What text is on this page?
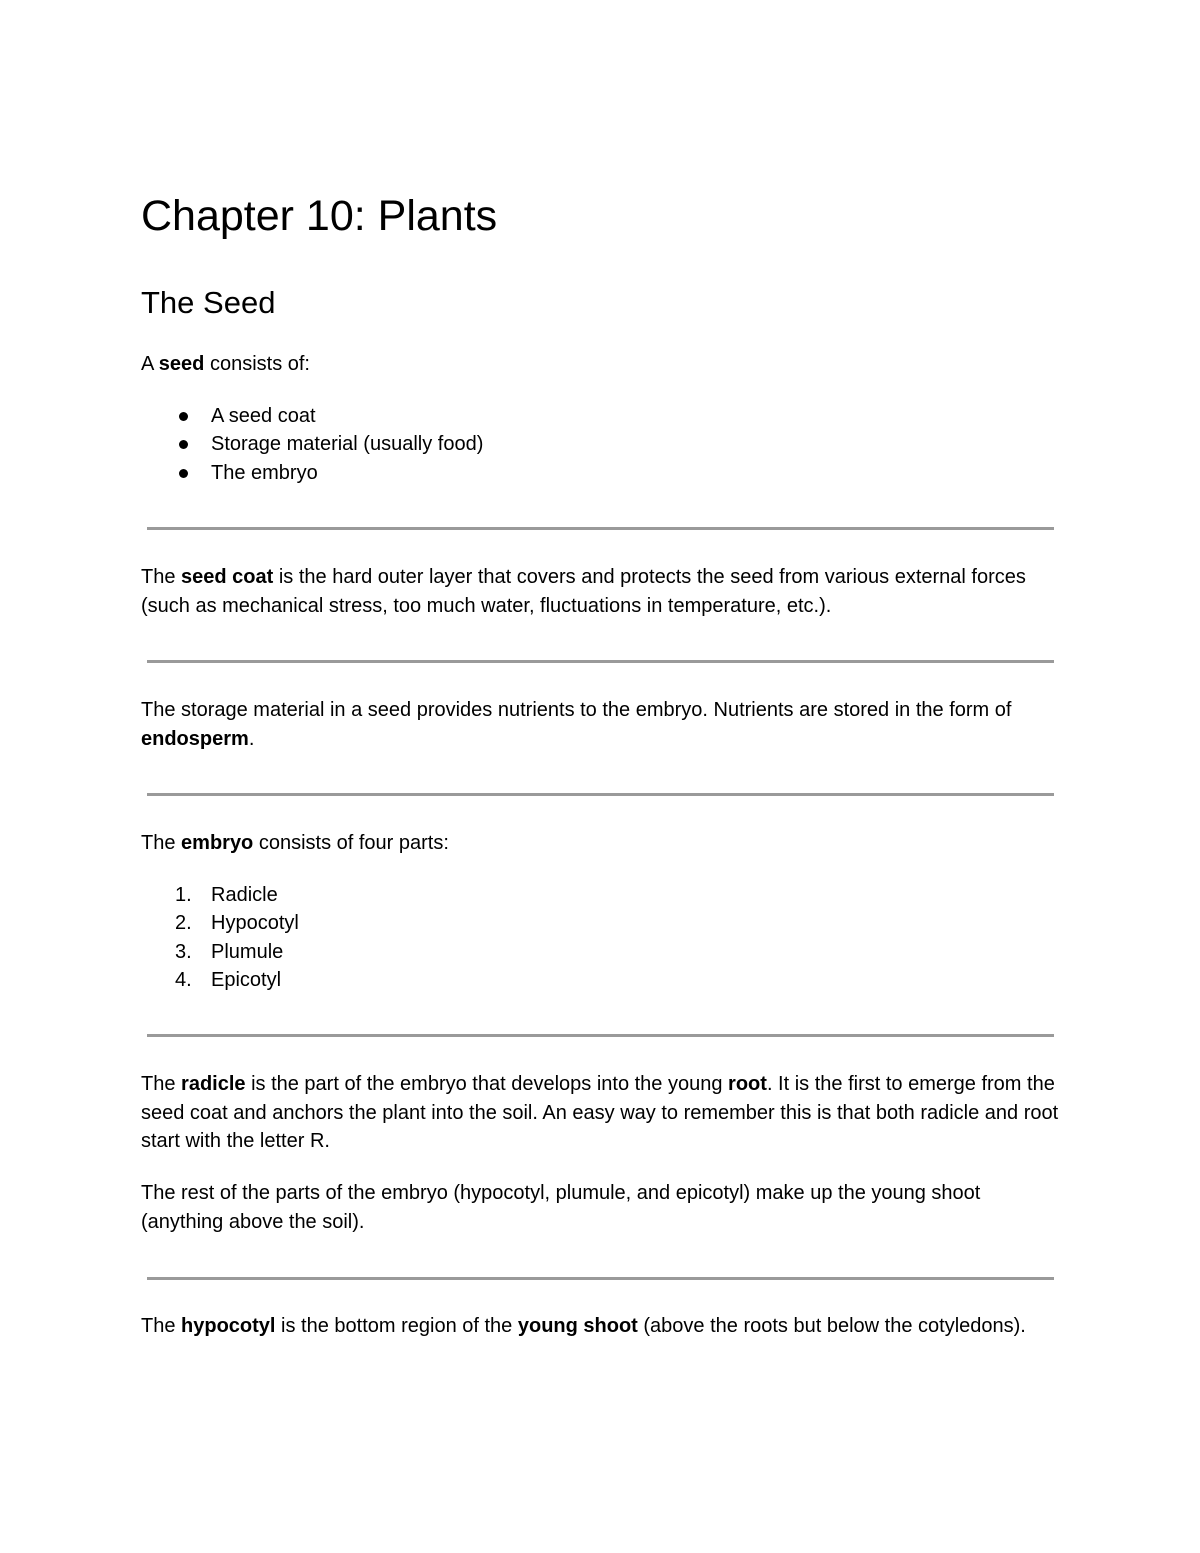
Chapter 10: Plants
The Seed

A seed consists of:

A seed coat
Storage material (usually food)
The embryo

The seed coat is the hard outer layer that covers and protects the seed from various external forces (such as mechanical stress, too much water, fluctuations in temperature, etc.).

The storage material in a seed provides nutrients to the embryo. Nutrients are stored in the form of endosperm.

The embryo consists of four parts:

1. Radicle
2. Hypocotyl
3. Plumule
4. Epicotyl

The radicle is the part of the embryo that develops into the young root. It is the first to emerge from the seed coat and anchors the plant into the soil. An easy way to remember this is that both radicle and root start with the letter R.

The rest of the parts of the embryo (hypocotyl, plumule, and epicotyl) make up the young shoot (anything above the soil).

The hypocotyl is the bottom region of the young shoot (above the roots but below the cotyledons).
